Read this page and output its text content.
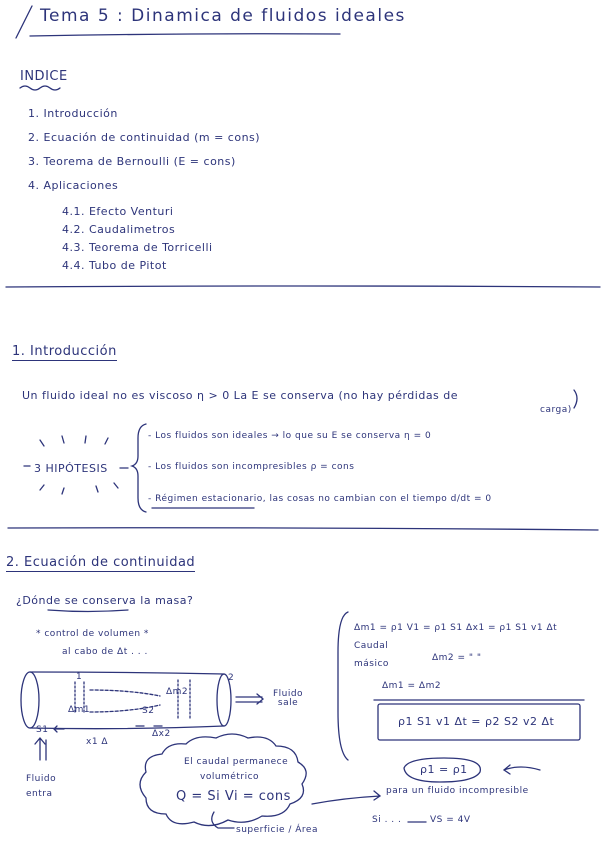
Tema 5 : Dinamica de fluidos ideales
INDICE
1. Introducción
2. Ecuación de continuidad (m = cons)
3. Teorema de Bernoulli (E = cons)
4. Aplicaciones
4.1. Efecto Venturi
4.2. Caudalimetros
4.3. Teorema de Torricelli
4.4. Tubo de Pitot
1. Introducción
Un fluido ideal no es viscoso η > 0 La E se conserva (no hay pérdidas de
carga)
3 HIPÓTESIS
- Los fluidos son ideales → lo que su E se conserva η = 0
- Los fluidos son incompresibles ρ = cons
- Régimen estacionario, las cosas no cambian con el tiempo d/dt = 0
2. Ecuación de continuidad
¿Dónde se conserva la masa?
* control de volumen *
al cabo de Δt . . .
1	2
Δm2
Δm1	S2
S1
x1 Δ
Δx2
Fluido sale
Fluido entra
Δm1 = ρ1 V1 = ρ1 S1 Δx1 = ρ1 S1 v1 Δt
Caudal
másico
Δm2 = " "
Δm1 = Δm2
ρ1 S1 v1 Δt = ρ2 S2 v2 Δt
El caudal permanece
volumétrico
Q = Si Vi = cons
superficie / Área
ρ1 = ρ1
para un fluido incompresible
Si . . .	VS = 4V
